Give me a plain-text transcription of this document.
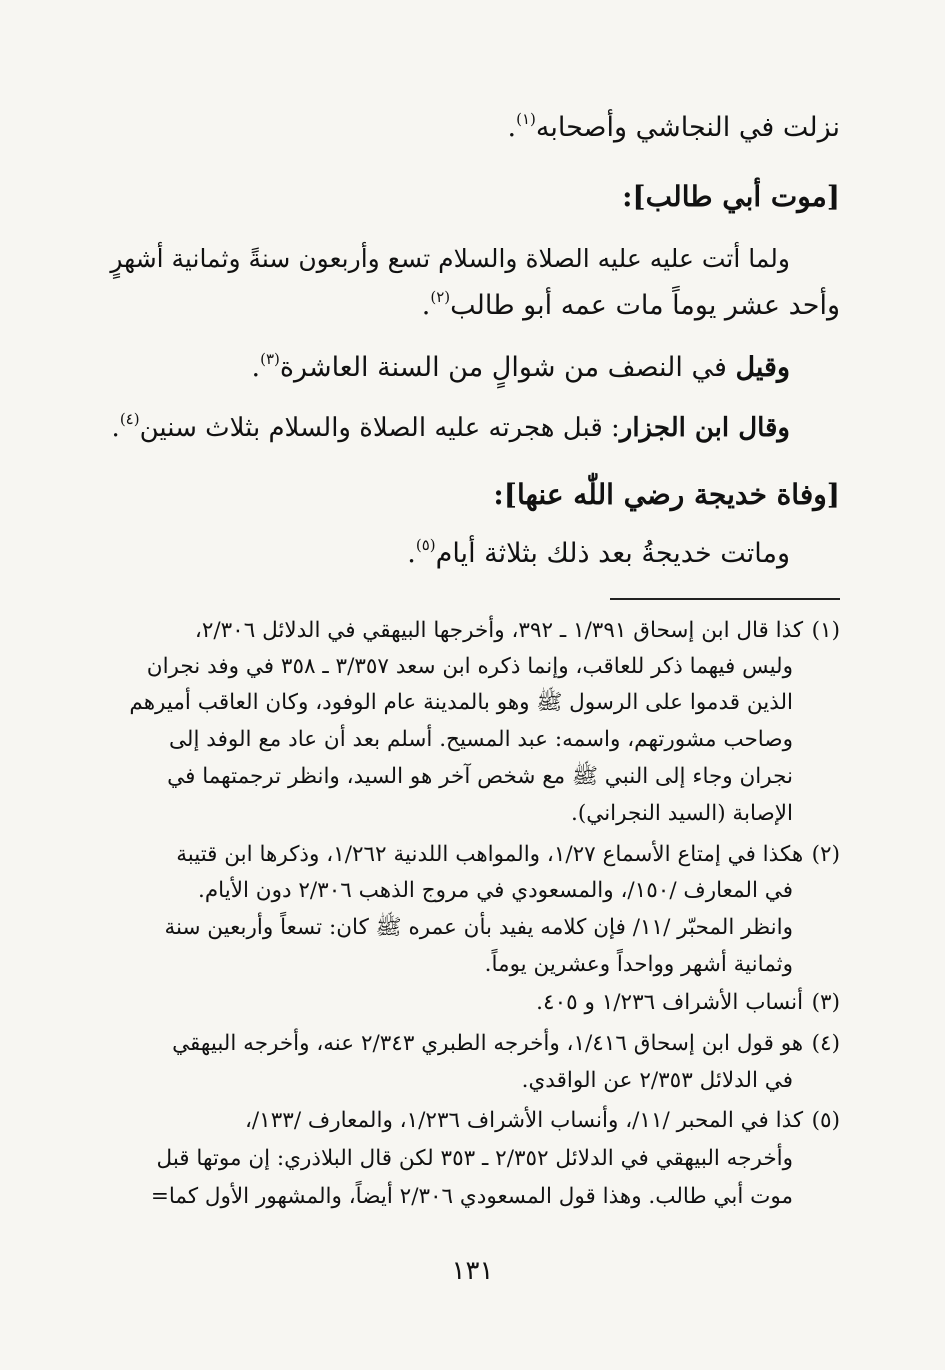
نزلت في النجاشي وأصحابه$^{(١)}$.
[موت أبي طالب]:
ولما أتت عليه عليه الصلاة والسلام تسع وأربعون سنةً وثمانية أشهرٍ
وأحد عشر يوماً مات عمه أبو طالب$^{(٢)}$.
وقيل في النصف من شوالٍ من السنة العاشرة$^{(٣)}$.
وقال ابن الجزار: قبل هجرته عليه الصلاة والسلام بثلاث سنين$^{(٤)}$.
[وفاة خديجة رضي اللّٰه عنها]:
وماتت خديجةُ بعد ذلك بثلاثة أيام$^{(٥)}$.
(١) كذا قال ابن إسحاق ١/٣٩١ ـ ٣٩٢، وأخرجها البيهقي في الدلائل ٢/٣٠٦،
وليس فيهما ذكر للعاقب، وإنما ذكره ابن سعد ٣/٣٥٧ ـ ٣٥٨ في وفد نجران
الذين قدموا على الرسول ﷺ وهو بالمدينة عام الوفود، وكان العاقب أميرهم
وصاحب مشورتهم، واسمه: عبد المسيح. أسلم بعد أن عاد مع الوفد إلى
نجران وجاء إلى النبي ﷺ مع شخص آخر هو السيد، وانظر ترجمتهما في
الإصابة (السيد النجراني).
(٢) هكذا في إمتاع الأسماع ١/٢٧، والمواهب اللدنية ١/٢٦٢، وذكرها ابن قتيبة
في المعارف /١٥٠/، والمسعودي في مروج الذهب ٢/٣٠٦ دون الأيام.
وانظر المحبّر /١١/ فإن كلامه يفيد بأن عمره ﷺ كان: تسعاً وأربعين سنة
وثمانية أشهر وواحداً وعشرين يوماً.
(٣) أنساب الأشراف ١/٢٣٦ و ٤٠٥.
(٤) هو قول ابن إسحاق ١/٤١٦، وأخرجه الطبري ٢/٣٤٣ عنه، وأخرجه البيهقي
في الدلائل ٢/٣٥٣ عن الواقدي.
(٥) كذا في المحبر /١١/، وأنساب الأشراف ١/٢٣٦، والمعارف /١٣٣/،
وأخرجه البيهقي في الدلائل ٢/٣٥٢ ـ ٣٥٣ لكن قال البلاذري: إن موتها قبل
موت أبي طالب. وهذا قول المسعودي ٢/٣٠٦ أيضاً، والمشهور الأول كما=
١٣١
